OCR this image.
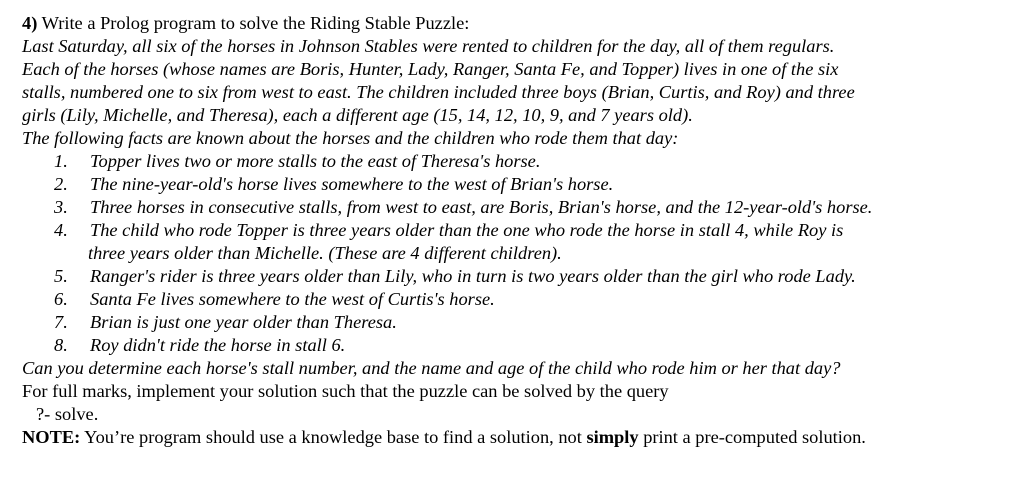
4) Write a Prolog program to solve the Riding Stable Puzzle:
Last Saturday, all six of the horses in Johnson Stables were rented to children for the day, all of them regulars.
Each of the horses (whose names are Boris, Hunter, Lady, Ranger, Santa Fe, and Topper) lives in one of the six
stalls, numbered one to six from west to east. The children included three boys (Brian, Curtis, and Roy) and three
girls (Lily, Michelle, and Theresa), each a different age (15, 14, 12, 10, 9, and 7 years old).
The following facts are known about the horses and the children who rode them that day:
1. Topper lives two or more stalls to the east of Theresa's horse.
2. The nine-year-old's horse lives somewhere to the west of Brian's horse.
3. Three horses in consecutive stalls, from west to east, are Boris, Brian's horse, and the 12-year-old's horse.
4. The child who rode Topper is three years older than the one who rode the horse in stall 4, while Roy is
three years older than Michelle. (These are 4 different children).
5. Ranger's rider is three years older than Lily, who in turn is two years older than the girl who rode Lady.
6. Santa Fe lives somewhere to the west of Curtis's horse.
7. Brian is just one year older than Theresa.
8. Roy didn't ride the horse in stall 6.
Can you determine each horse's stall number, and the name and age of the child who rode him or her that day?
For full marks, implement your solution such that the puzzle can be solved by the query
?- solve.
NOTE: You’re program should use a knowledge base to find a solution, not simply print a pre-computed solution.
